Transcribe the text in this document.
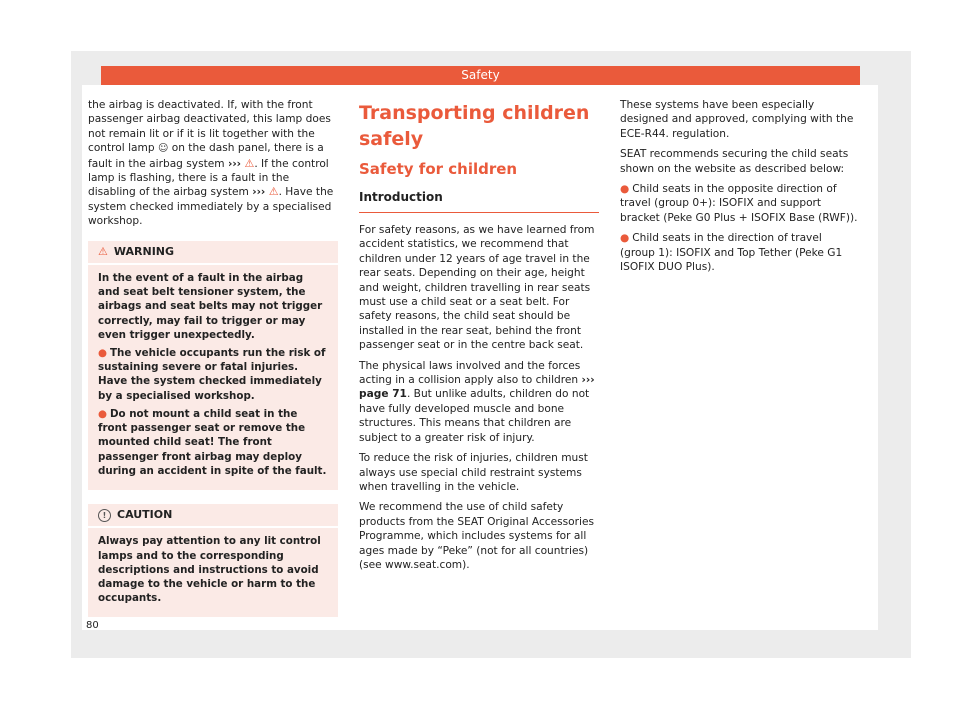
Safety

the airbag is deactivated. If, with the front passenger airbag deactivated, this lamp does not remain lit or if it is lit together with the control lamp ☺ on the dash panel, there is a fault in the airbag system ››› ⚠. If the control lamp is flashing, there is a fault in the disabling of the airbag system ››› ⚠. Have the system checked immediately by a specialised workshop.

⚠ WARNING

In the event of a fault in the airbag and seat belt tensioner system, the airbags and seat belts may not trigger correctly, may fail to trigger or may even trigger unexpectedly.

● The vehicle occupants run the risk of sustaining severe or fatal injuries. Have the system checked immediately by a specialised workshop.

● Do not mount a child seat in the front passenger seat or remove the mounted child seat! The front passenger front airbag may deploy during an accident in spite of the fault.

! CAUTION

Always pay attention to any lit control lamps and to the corresponding descriptions and instructions to avoid damage to the vehicle or harm to the occupants.

Transporting children safely
Safety for children
Introduction

For safety reasons, as we have learned from accident statistics, we recommend that children under 12 years of age travel in the rear seats. Depending on their age, height and weight, children travelling in rear seats must use a child seat or a seat belt. For safety reasons, the child seat should be installed in the rear seat, behind the front passenger seat or in the centre back seat.

The physical laws involved and the forces acting in a collision apply also to children ››› page 71. But unlike adults, children do not have fully developed muscle and bone structures. This means that children are subject to a greater risk of injury.

To reduce the risk of injuries, children must always use special child restraint systems when travelling in the vehicle.

We recommend the use of child safety products from the SEAT Original Accessories Programme, which includes systems for all ages made by “Peke” (not for all countries) (see www.seat.com).

These systems have been especially designed and approved, complying with the ECE-R44. regulation.

SEAT recommends securing the child seats shown on the website as described below:

● Child seats in the opposite direction of travel (group 0+): ISOFIX and support bracket (Peke G0 Plus + ISOFIX Base (RWF)).

● Child seats in the direction of travel (group 1): ISOFIX and Top Tether (Peke G1 ISOFIX DUO Plus).

80
